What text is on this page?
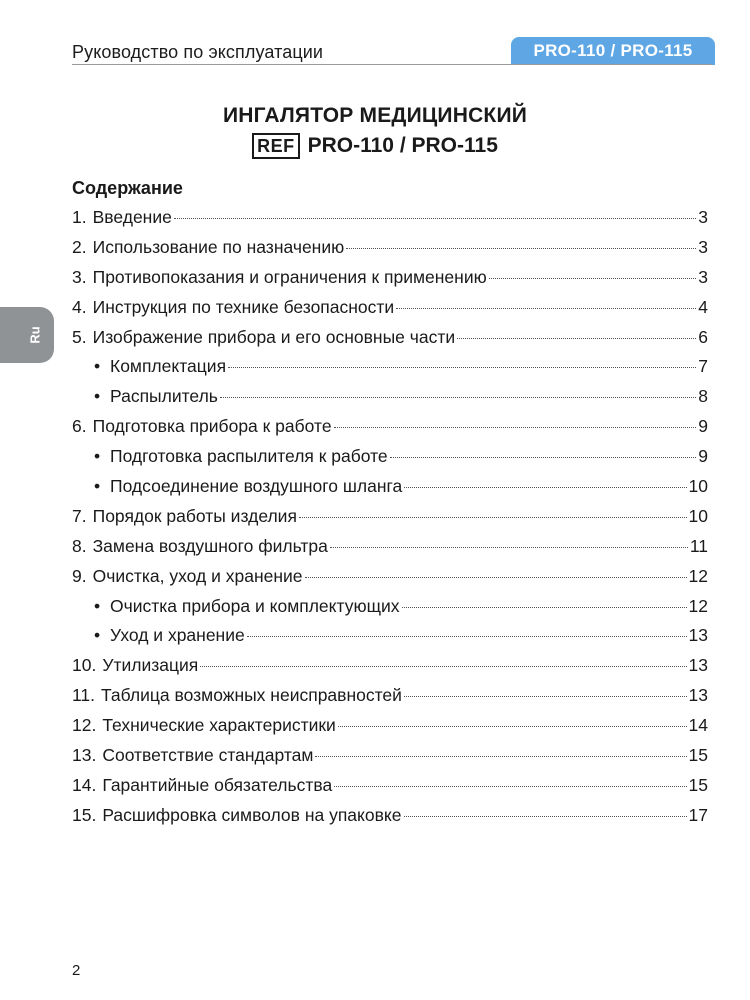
Руководство по эксплуатации	PRO-110 / PRO-115
Ru
ИНГАЛЯТОР МЕДИЦИНСКИЙ
REF PRO-110 / PRO-115
Содержание
1. Введение	3
2. Использование по назначению	3
3. Противопоказания и ограничения к применению	3
4. Инструкция по технике безопасности	4
5. Изображение прибора и его основные части	6
• Комплектация	7
• Распылитель	8
6. Подготовка прибора к работе	9
• Подготовка распылителя к работе	9
• Подсоединение воздушного шланга	10
7. Порядок работы изделия	10
8. Замена воздушного фильтра	11
9. Очистка, уход и хранение	12
• Очистка прибора и комплектующих	12
• Уход и хранение	13
10. Утилизация	13
11. Таблица возможных неисправностей	13
12. Технические характеристики	14
13. Соответствие стандартам	15
14. Гарантийные обязательства	15
15. Расшифровка символов на упаковке	17
2
